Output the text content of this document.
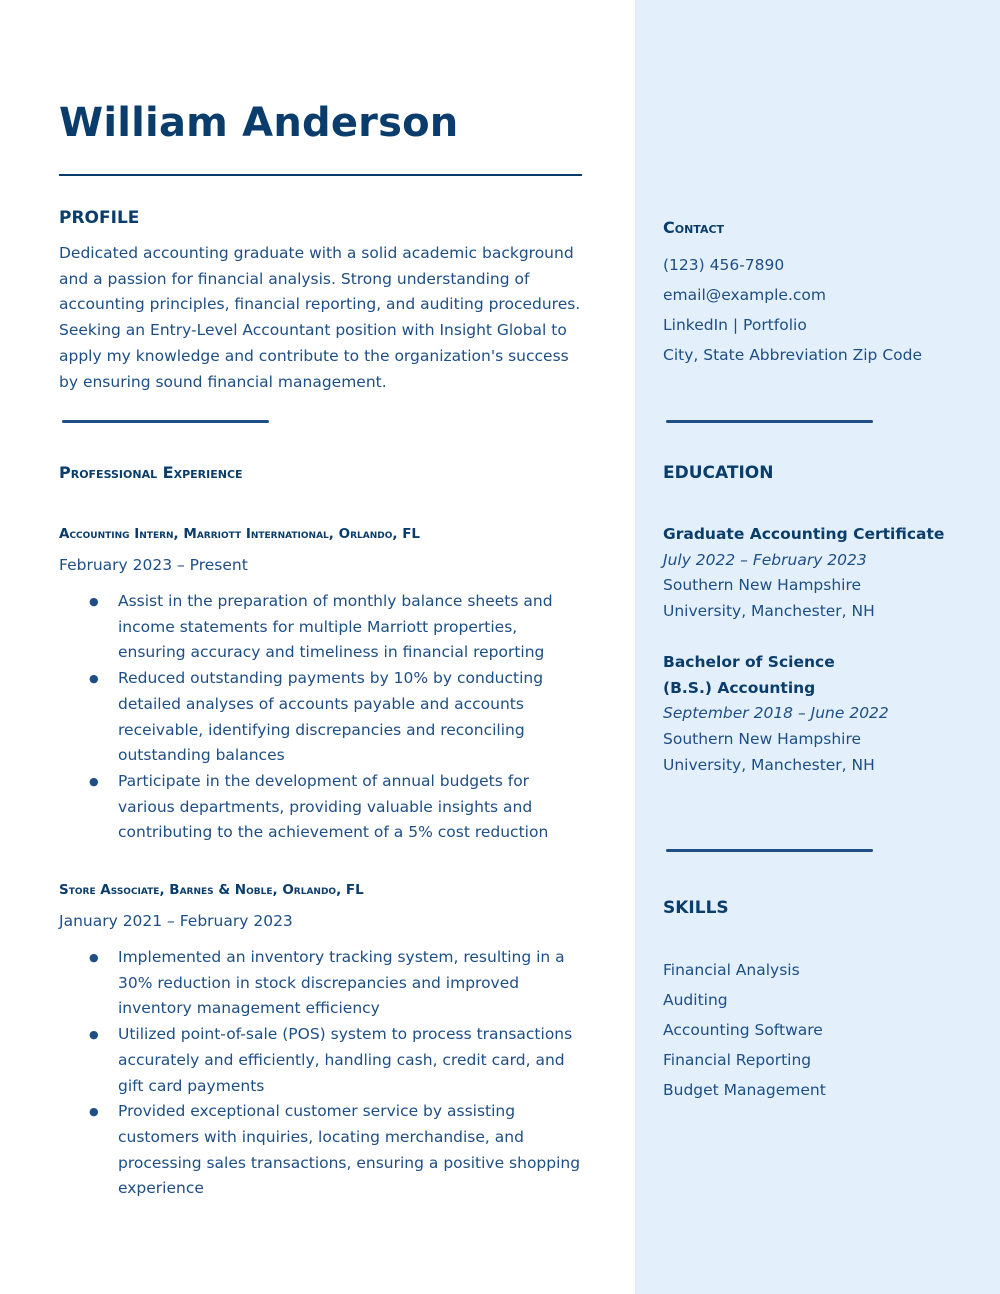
William Anderson
PROFILE
Dedicated accounting graduate with a solid academic background and a passion for financial analysis. Strong understanding of accounting principles, financial reporting, and auditing procedures. Seeking an Entry-Level Accountant position with Insight Global to apply my knowledge and contribute to the organization's success by ensuring sound financial management.
Professional Experience
Accounting Intern, Marriott International, Orlando, FL
February 2023 – Present
● Assist in the preparation of monthly balance sheets and income statements for multiple Marriott properties, ensuring accuracy and timeliness in financial reporting
● Reduced outstanding payments by 10% by conducting detailed analyses of accounts payable and accounts receivable, identifying discrepancies and reconciling outstanding balances
● Participate in the development of annual budgets for various departments, providing valuable insights and contributing to the achievement of a 5% cost reduction
Store Associate, Barnes & Noble, Orlando, FL
January 2021 – February 2023
● Implemented an inventory tracking system, resulting in a 30% reduction in stock discrepancies and improved inventory management efficiency
● Utilized point-of-sale (POS) system to process transactions accurately and efficiently, handling cash, credit card, and gift card payments
● Provided exceptional customer service by assisting customers with inquiries, locating merchandise, and processing sales transactions, ensuring a positive shopping experience
Contact
(123) 456-7890
email@example.com
LinkedIn | Portfolio
City, State Abbreviation Zip Code
EDUCATION
Graduate Accounting Certificate
July 2022 – February 2023
Southern New Hampshire University, Manchester, NH
Bachelor of Science (B.S.) Accounting
September 2018 – June 2022
Southern New Hampshire University, Manchester, NH
SKILLS
Financial Analysis
Auditing
Accounting Software
Financial Reporting
Budget Management
